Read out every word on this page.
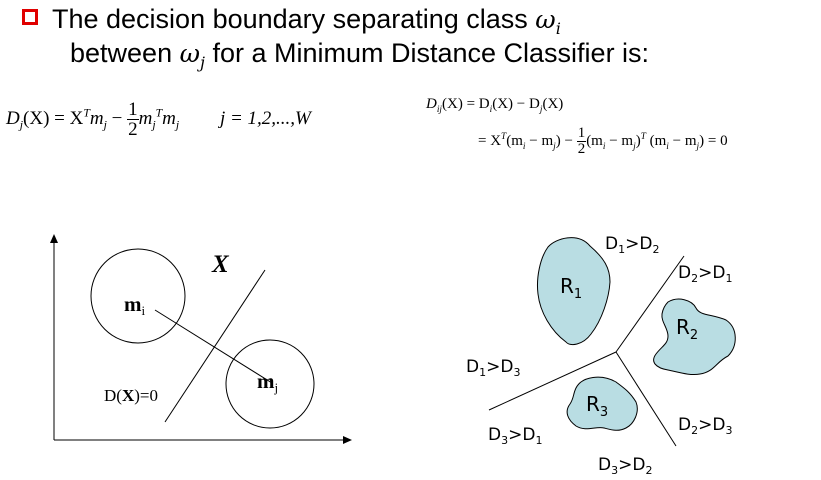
The decision boundary separating class $\omega_i$
between $\omega_j$ for a Minimum Distance Classifier is:
$D_j(X) = X^Tm_j - \frac{1}{2} m_j^Tm_j$ j = 1,2,...,W
$D_{ij}(X) = D_i(X) - D_j(X)$
= $X^T(m_i - m_j) - \frac{1}{2} (m_i - m_j)^T$ $(m_i - m_j) = 0$
X
mi
mj
D(X)=0
$R_1$
$R_2$
$R_3$
$D_1>D_2$
$D_2>D_1$
$D_1>D_3$
$D_3>D_1$
$D_2>D_3$
$D_3>D_2$
